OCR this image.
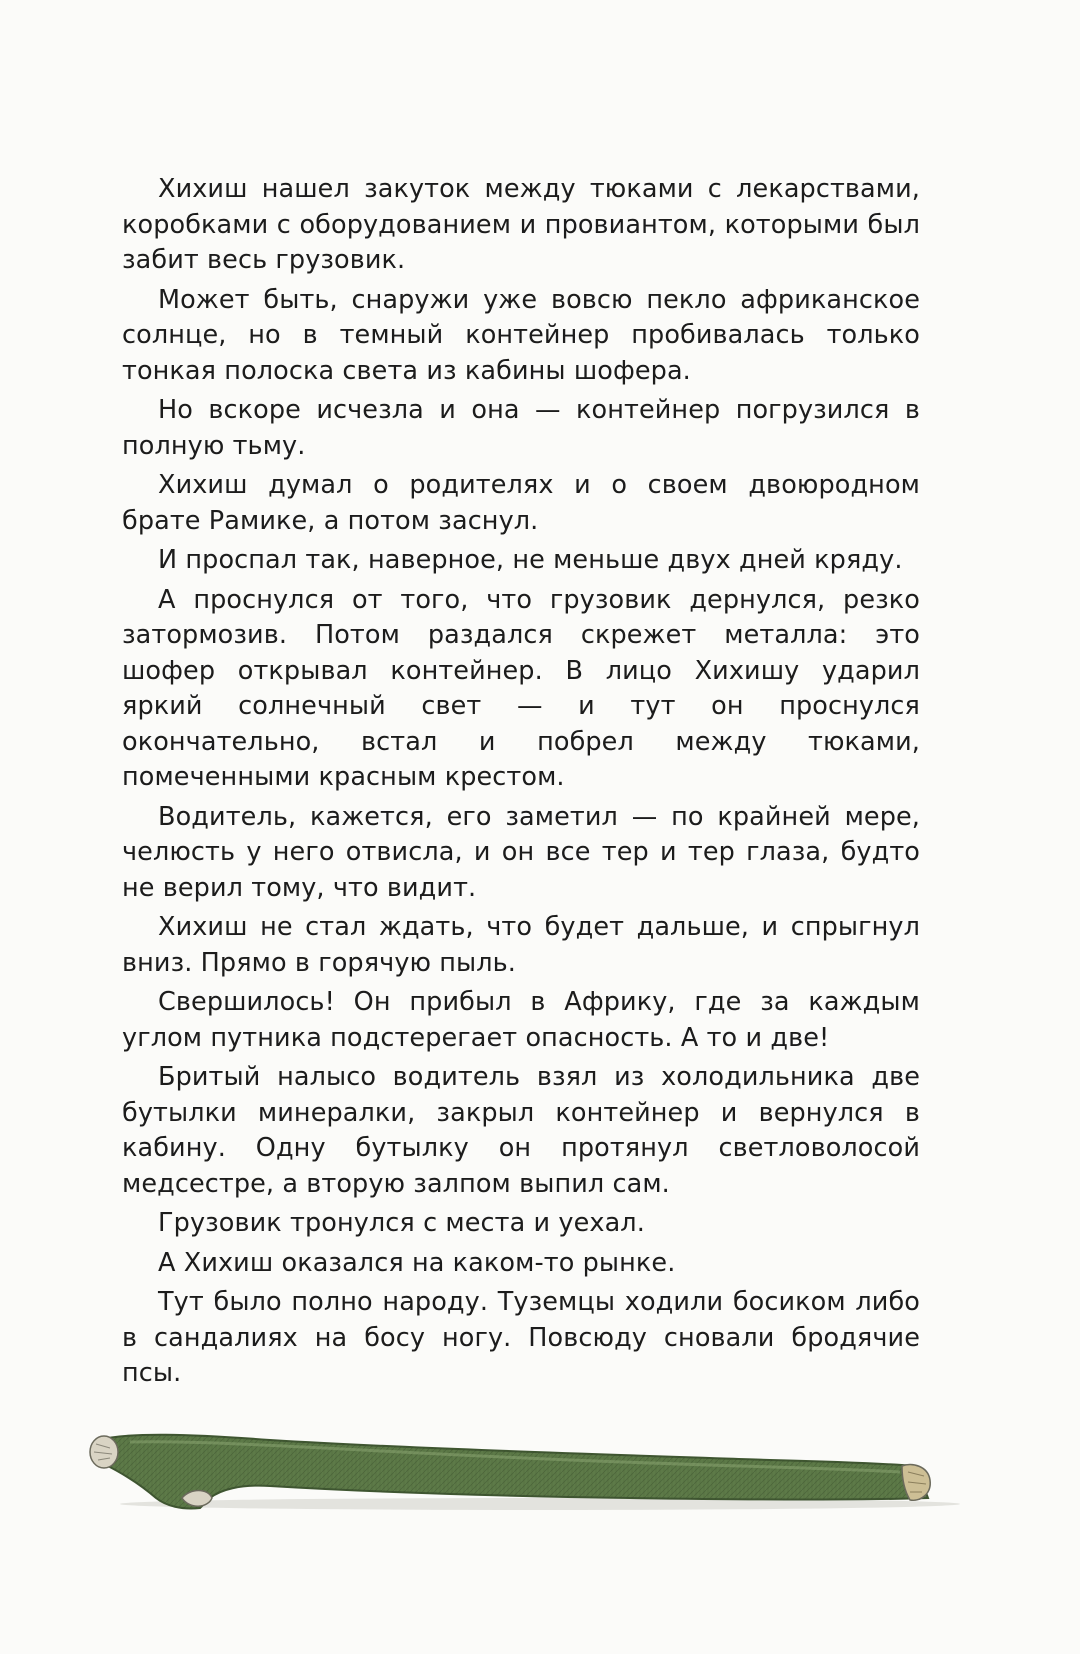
Хихиш нашел закуток между тюками с лекарствами, коробками с оборудованием и провиантом, которыми был забит весь грузовик.

Может быть, снаружи уже вовсю пекло африканское солнце, но в темный контейнер пробивалась только тонкая полоска света из кабины шофера.

Но вскоре исчезла и она — контейнер погрузился в полную тьму.

Хихиш думал о родителях и о своем двоюродном брате Рамике, а потом заснул.

И проспал так, наверное, не меньше двух дней кряду.

А проснулся от того, что грузовик дернулся, резко затормозив. Потом раздался скрежет металла: это шофер открывал контейнер. В лицо Хихишу ударил яркий солнечный свет — и тут он проснулся окончательно, встал и побрел между тюками, помеченными красным крестом.

Водитель, кажется, его заметил — по крайней мере, челюсть у него отвисла, и он все тер и тер глаза, будто не верил тому, что видит.

Хихиш не стал ждать, что будет дальше, и спрыгнул вниз. Прямо в горячую пыль.

Свершилось! Он прибыл в Африку, где за каждым углом путника подстерегает опасность. А то и две!

Бритый налысо водитель взял из холодильника две бутылки минералки, закрыл контейнер и вернулся в кабину. Одну бутылку он протянул светловолосой медсестре, а вторую залпом выпил сам.

Грузовик тронулся с места и уехал.

А Хихиш оказался на каком-то рынке.

Тут было полно народу. Туземцы ходили босиком либо в сандалиях на босу ногу. Повсюду сновали бродячие псы.
